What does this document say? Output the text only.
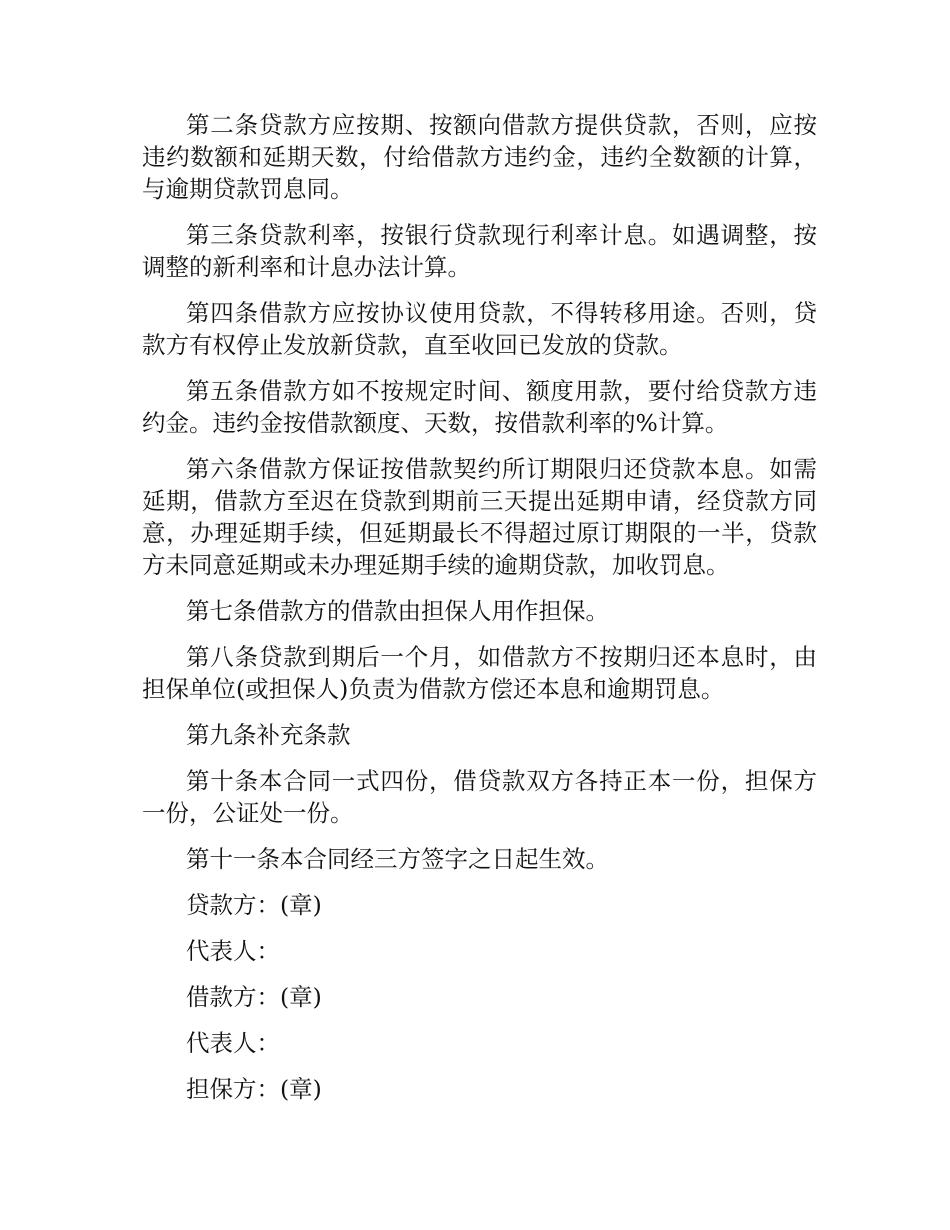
第二条贷款方应按期、按额向借款方提供贷款，否则，应按违约数额和延期天数，付给借款方违约金，违约全数额的计算，与逾期贷款罚息同。

第三条贷款利率，按银行贷款现行利率计息。如遇调整，按调整的新利率和计息办法计算。

第四条借款方应按协议使用贷款，不得转移用途。否则，贷款方有权停止发放新贷款，直至收回已发放的贷款。

第五条借款方如不按规定时间、额度用款，要付给贷款方违约金。违约金按借款额度、天数，按借款利率的%计算。

第六条借款方保证按借款契约所订期限归还贷款本息。如需延期，借款方至迟在贷款到期前三天提出延期申请，经贷款方同意，办理延期手续，但延期最长不得超过原订期限的一半，贷款方未同意延期或未办理延期手续的逾期贷款，加收罚息。

第七条借款方的借款由担保人用作担保。

第八条贷款到期后一个月，如借款方不按期归还本息时，由担保单位(或担保人)负责为借款方偿还本息和逾期罚息。

第九条补充条款

第十条本合同一式四份，借贷款双方各持正本一份，担保方一份，公证处一份。

第十一条本合同经三方签字之日起生效。

贷款方：(章)

代表人：

借款方：(章)

代表人：

担保方：(章)
